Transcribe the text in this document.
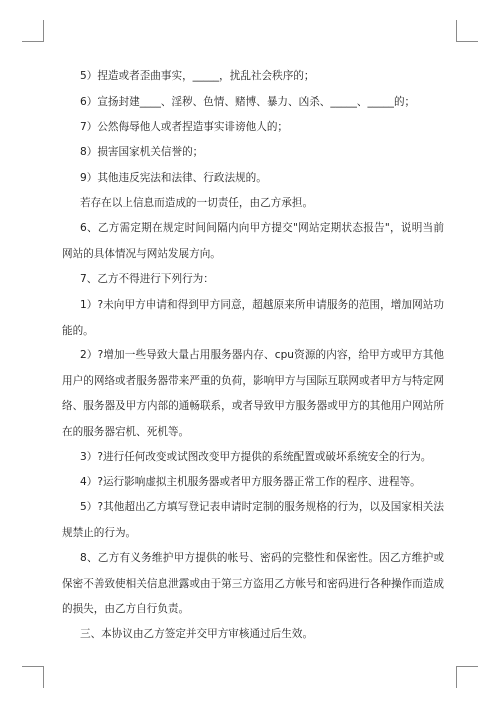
5）捏造或者歪曲事实，_____，扰乱社会秩序的；
6）宣扬封建____、淫秽、色情、赌博、暴力、凶杀、_____、_____的；
7）公然侮辱他人或者捏造事实诽谤他人的；
8）损害国家机关信誉的；
9）其他违反宪法和法律、行政法规的。
若存在以上信息而造成的一切责任，由乙方承担。
6、乙方需定期在规定时间间隔内向甲方提交"网站定期状态报告"，说明当前网站的具体情况与网站发展方向。
7、乙方不得进行下列行为：
1）?未向甲方申请和得到甲方同意，超越原来所申请服务的范围，增加网站功能的。
2）?增加一些导致大量占用服务器内存、cpu资源的内容，给甲方或甲方其他用户的网络或者服务器带来严重的负荷，影响甲方与国际互联网或者甲方与特定网络、服务器及甲方内部的通畅联系，或者导致甲方服务器或甲方的其他用户网站所在的服务器宕机、死机等。
3）?进行任何改变或试图改变甲方提供的系统配置或破坏系统安全的行为。
4）?运行影响虚拟主机服务器或者甲方服务器正常工作的程序、进程等。
5）?其他超出乙方填写登记表申请时定制的服务规格的行为，以及国家相关法规禁止的行为。
8、乙方有义务维护甲方提供的帐号、密码的完整性和保密性。因乙方维护或保密不善致使相关信息泄露或由于第三方盗用乙方帐号和密码进行各种操作而造成的损失，由乙方自行负责。
三、本协议由乙方签定并交甲方审核通过后生效。
